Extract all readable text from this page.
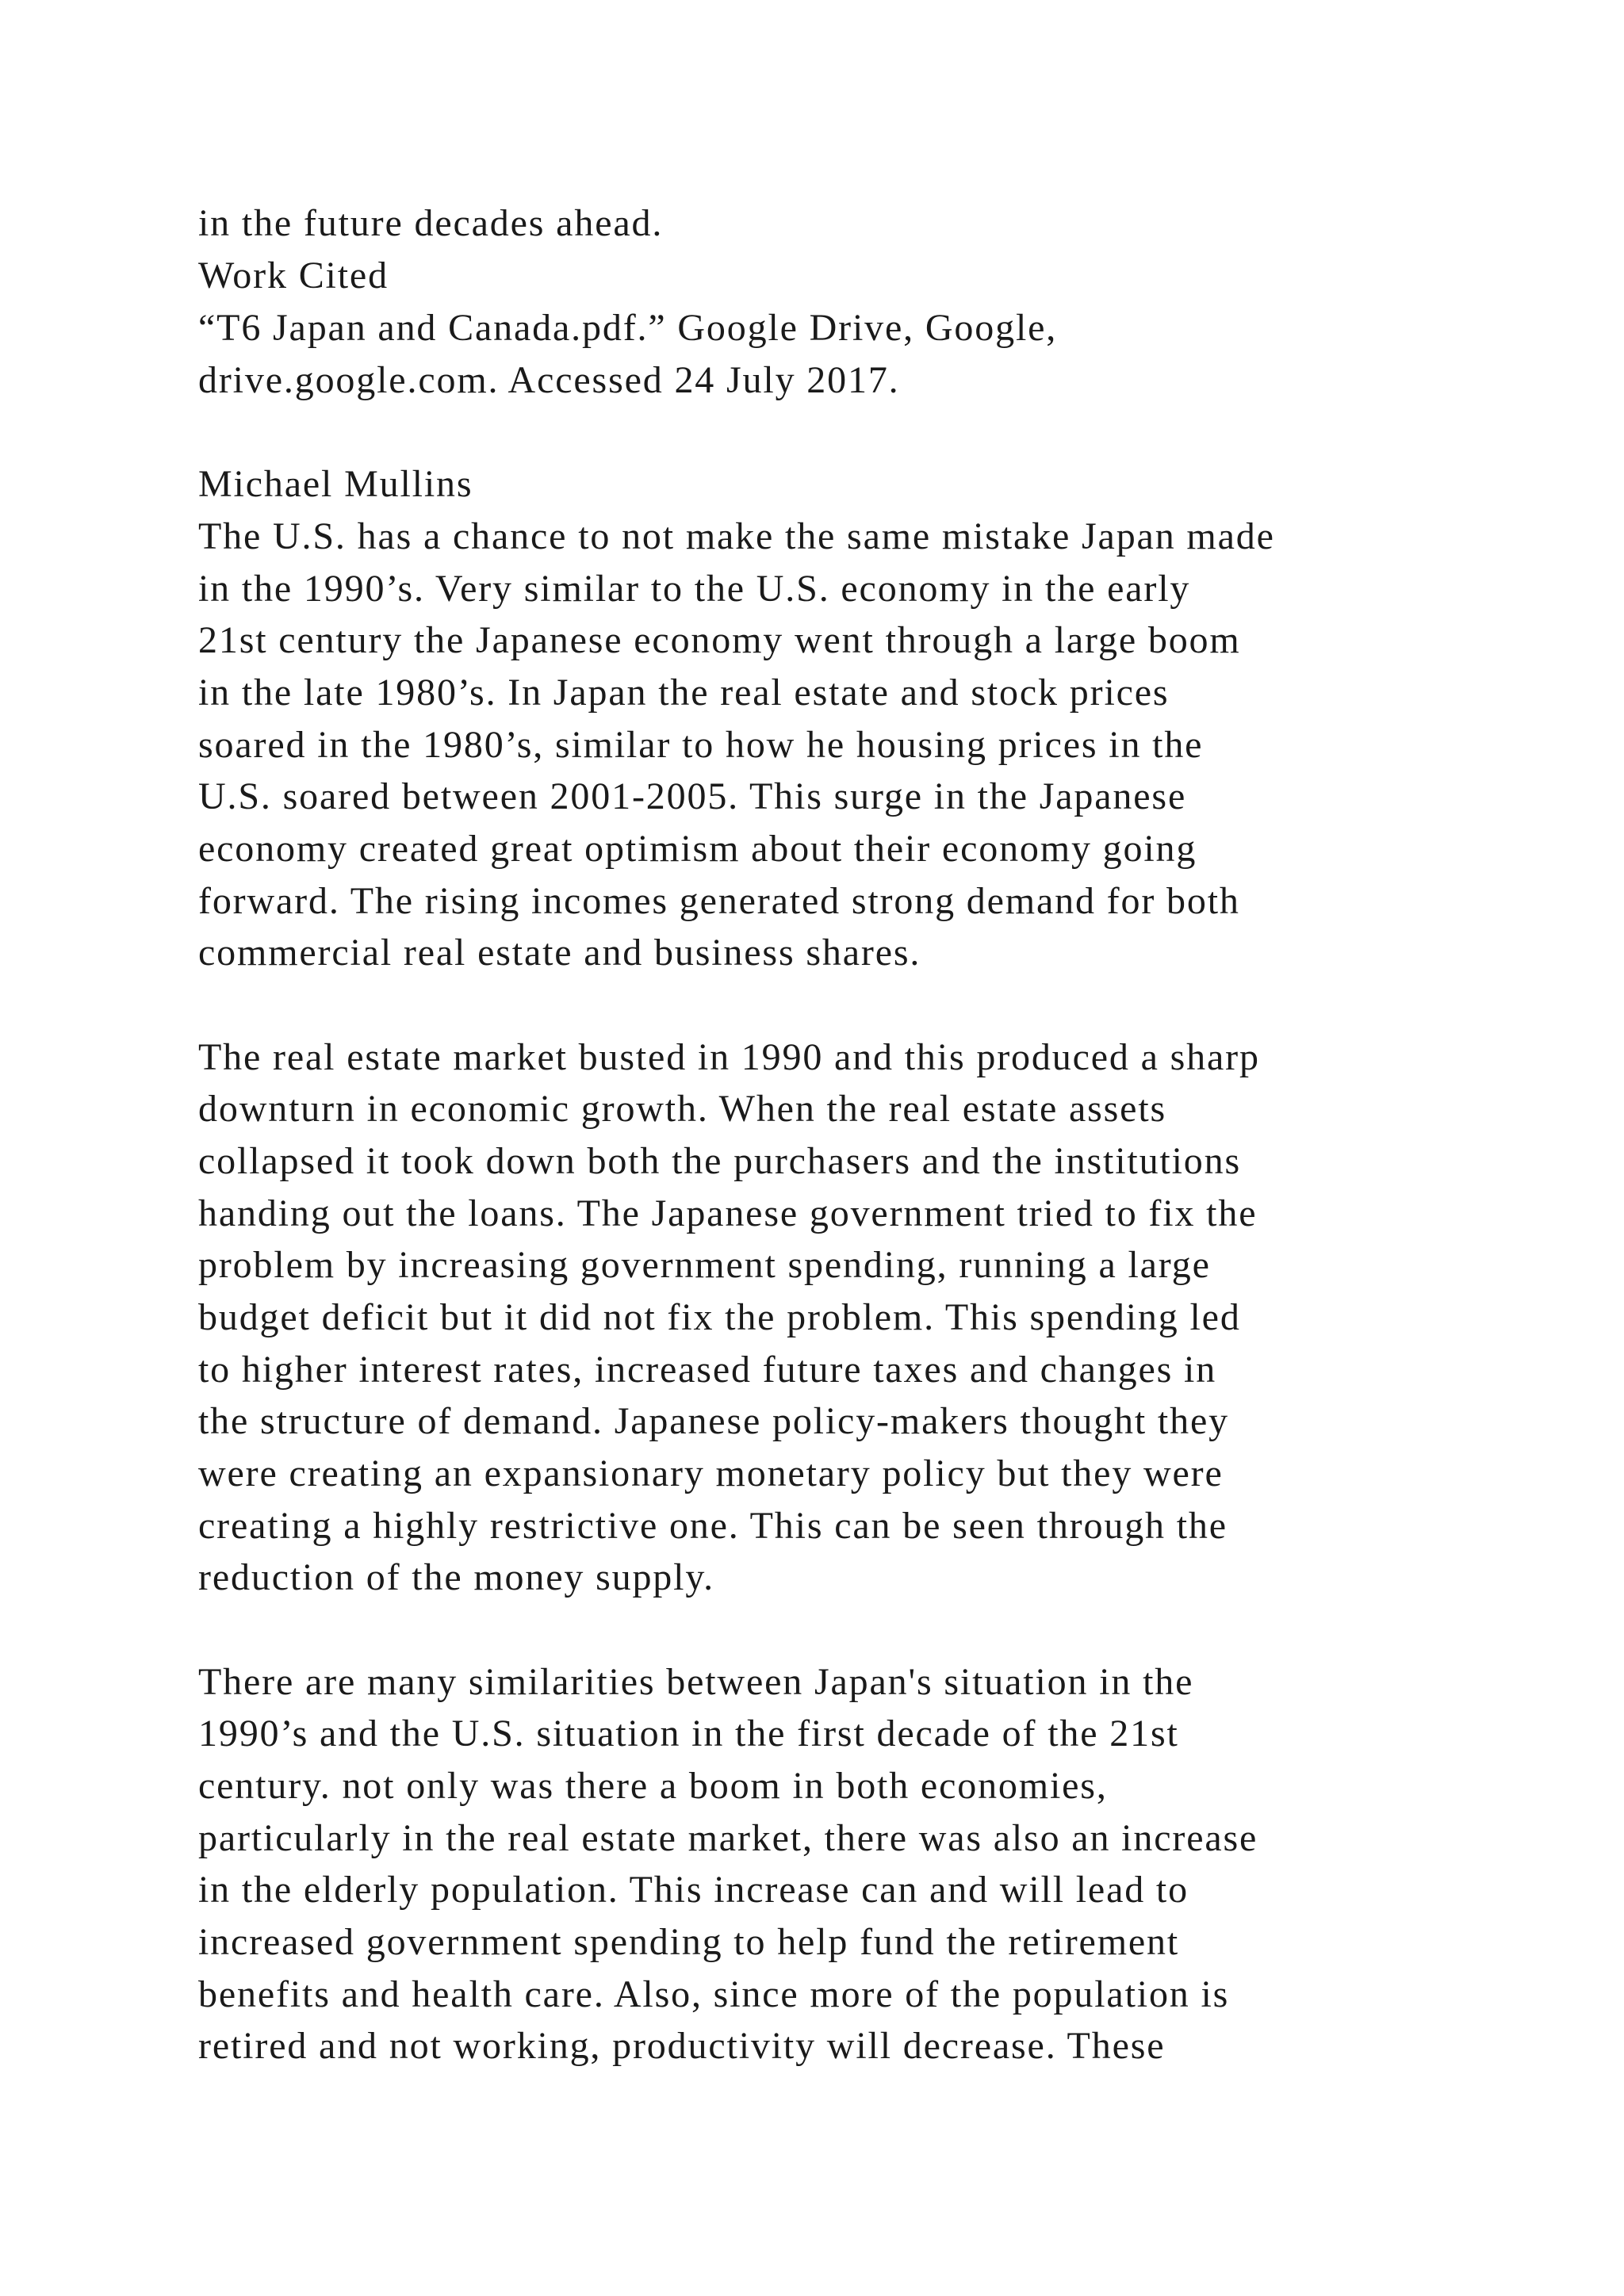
in the future decades ahead.

Work Cited

“T6 Japan and Canada.pdf.” Google Drive, Google,

drive.google.com. Accessed 24 July 2017.

Michael Mullins

The U.S. has a chance to not make the same mistake Japan made

in the 1990’s. Very similar to the U.S. economy in the early

21st century the Japanese economy went through a large boom

in the late 1980’s. In Japan the real estate and stock prices

soared in the 1980’s, similar to how he housing prices in the

U.S. soared between 2001-2005. This surge in the Japanese

economy created great optimism about their economy going

forward. The rising incomes generated strong demand for both

commercial real estate and business shares.

The real estate market busted in 1990 and this produced a sharp

downturn in economic growth. When the real estate assets

collapsed it took down both the purchasers and the institutions

handing out the loans. The Japanese government tried to fix the

problem by increasing government spending, running a large

budget deficit but it did not fix the problem. This spending led

to higher interest rates, increased future taxes and changes in

the structure of demand. Japanese policy-makers thought they

were creating an expansionary monetary policy but they were

creating a highly restrictive one. This can be seen through the

reduction of the money supply.

There are many similarities between Japan's situation in the

1990’s and the U.S. situation in the first decade of the 21st

century. not only was there a boom in both economies,

particularly in the real estate market, there was also an increase

in the elderly population. This increase can and will lead to

increased government spending to help fund the retirement

benefits and health care. Also, since more of the population is

retired and not working, productivity will decrease. These
